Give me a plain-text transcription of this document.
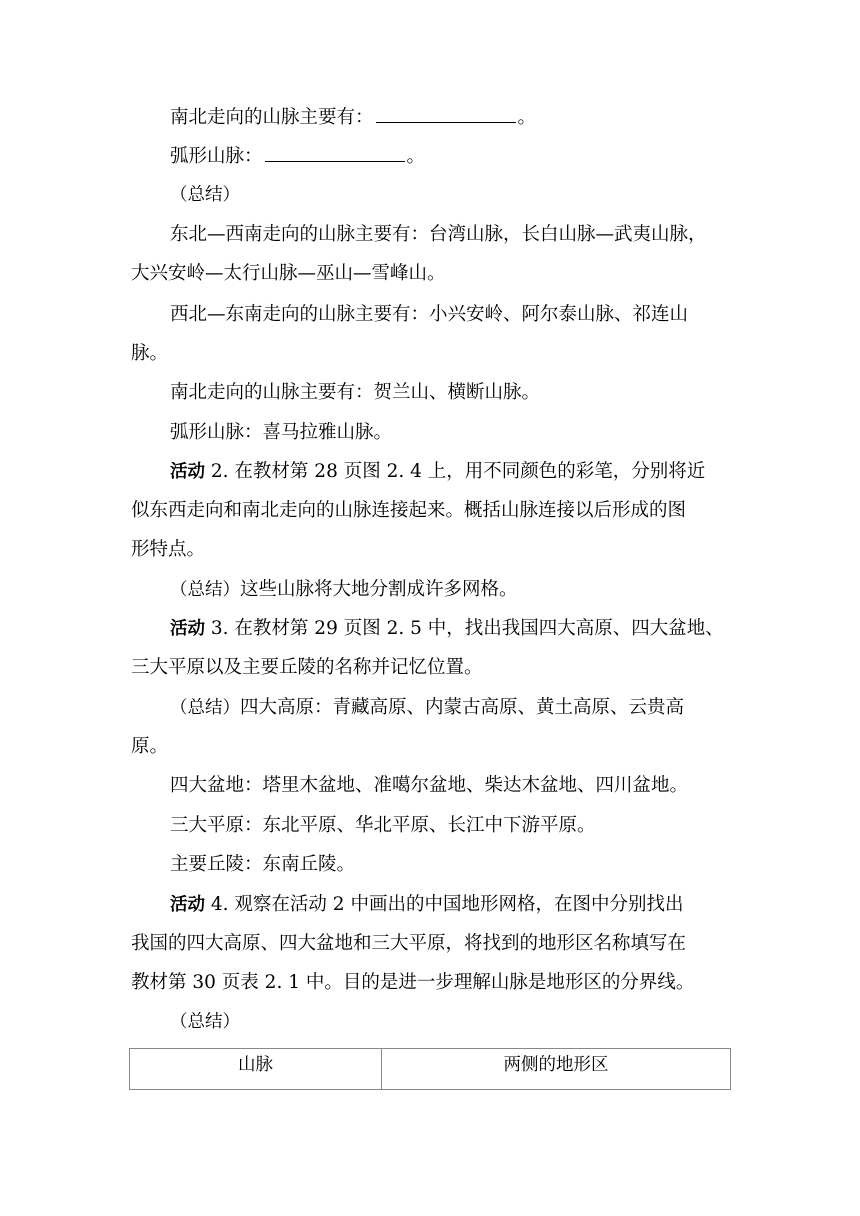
南北走向的山脉主要有：	。

弧形山脉：	。

（总结）

东北—西南走向的山脉主要有：台湾山脉，长白山脉—武夷山脉，

大兴安岭—太行山脉—巫山—雪峰山。

西北—东南走向的山脉主要有：小兴安岭、阿尔泰山脉、祁连山

脉。

南北走向的山脉主要有：贺兰山、横断山脉。

弧形山脉：喜马拉雅山脉。

活动 2. 在教材第 28 页图 2. 4 上，用不同颜色的彩笔，分别将近

似东西走向和南北走向的山脉连接起来。概括山脉连接以后形成的图

形特点。

（总结）这些山脉将大地分割成许多网格。

活动 3. 在教材第 29 页图 2. 5 中，找出我国四大高原、四大盆地、

三大平原以及主要丘陵的名称并记忆位置。

（总结）四大高原：青藏高原、内蒙古高原、黄土高原、云贵高

原。

四大盆地：塔里木盆地、准噶尔盆地、柴达木盆地、四川盆地。

三大平原：东北平原、华北平原、长江中下游平原。

主要丘陵：东南丘陵。

活动 4. 观察在活动 2 中画出的中国地形网格，在图中分别找出

我国的四大高原、四大盆地和三大平原，将找到的地形区名称填写在

教材第 30 页表 2. 1 中。目的是进一步理解山脉是地形区的分界线。

（总结）

山脉	两侧的地形区
